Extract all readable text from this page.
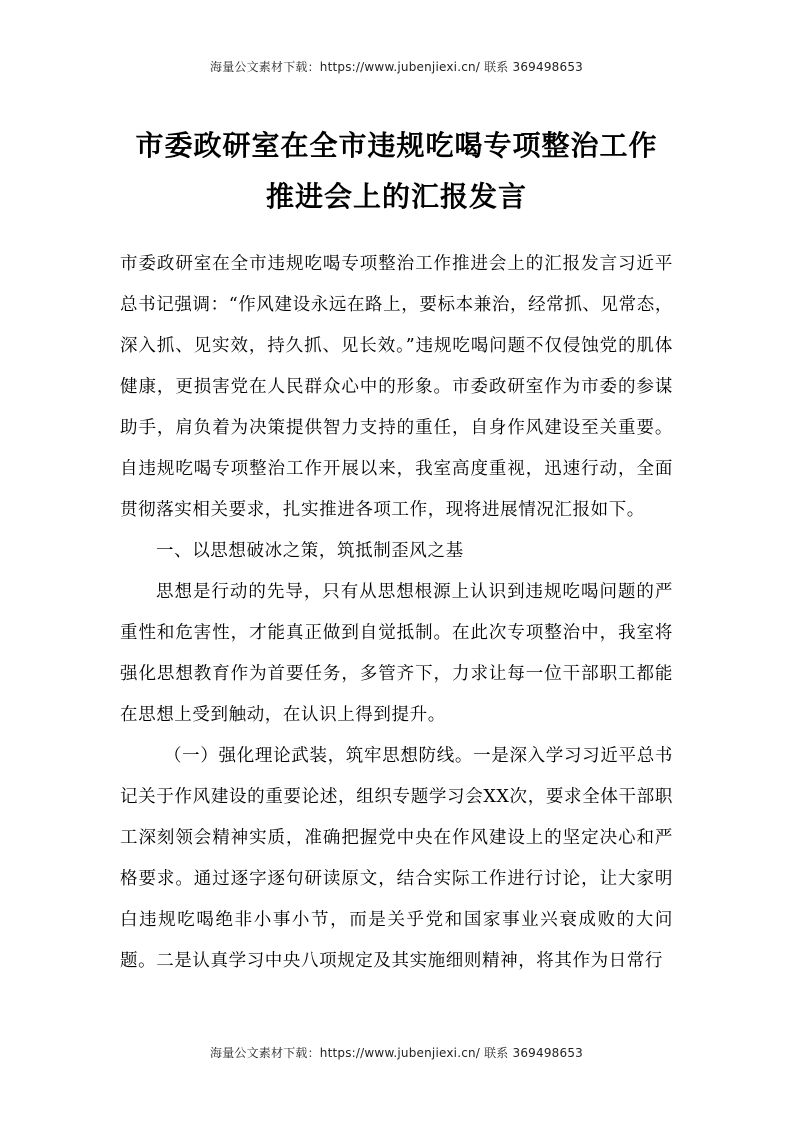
海量公文素材下载：https://www.jubenjiexi.cn/ 联系 369498653
市委政研室在全市违规吃喝专项整治工作
推进会上的汇报发言

市委政研室在全市违规吃喝专项整治工作推进会上的汇报发言习近平总书记强调：“作风建设永远在路上，要标本兼治，经常抓、见常态，深入抓、见实效，持久抓、见长效。”违规吃喝问题不仅侵蚀党的肌体健康，更损害党在人民群众心中的形象。市委政研室作为市委的参谋助手，肩负着为决策提供智力支持的重任，自身作风建设至关重要。自违规吃喝专项整治工作开展以来，我室高度重视，迅速行动，全面贯彻落实相关要求，扎实推进各项工作，现将进展情况汇报如下。

一、以思想破冰之策，筑抵制歪风之基

思想是行动的先导，只有从思想根源上认识到违规吃喝问题的严重性和危害性，才能真正做到自觉抵制。在此次专项整治中，我室将强化思想教育作为首要任务，多管齐下，力求让每一位干部职工都能在思想上受到触动，在认识上得到提升。

（一）强化理论武装，筑牢思想防线。一是深入学习习近平总书记关于作风建设的重要论述，组织专题学习会XX次，要求全体干部职工深刻领会精神实质，准确把握党中央在作风建设上的坚定决心和严格要求。通过逐字逐句研读原文，结合实际工作进行讨论，让大家明白违规吃喝绝非小事小节，而是关乎党和国家事业兴衰成败的大问题。二是认真学习中央八项规定及其实施细则精神，将其作为日常行

海量公文素材下载：https://www.jubenjiexi.cn/ 联系 369498653
